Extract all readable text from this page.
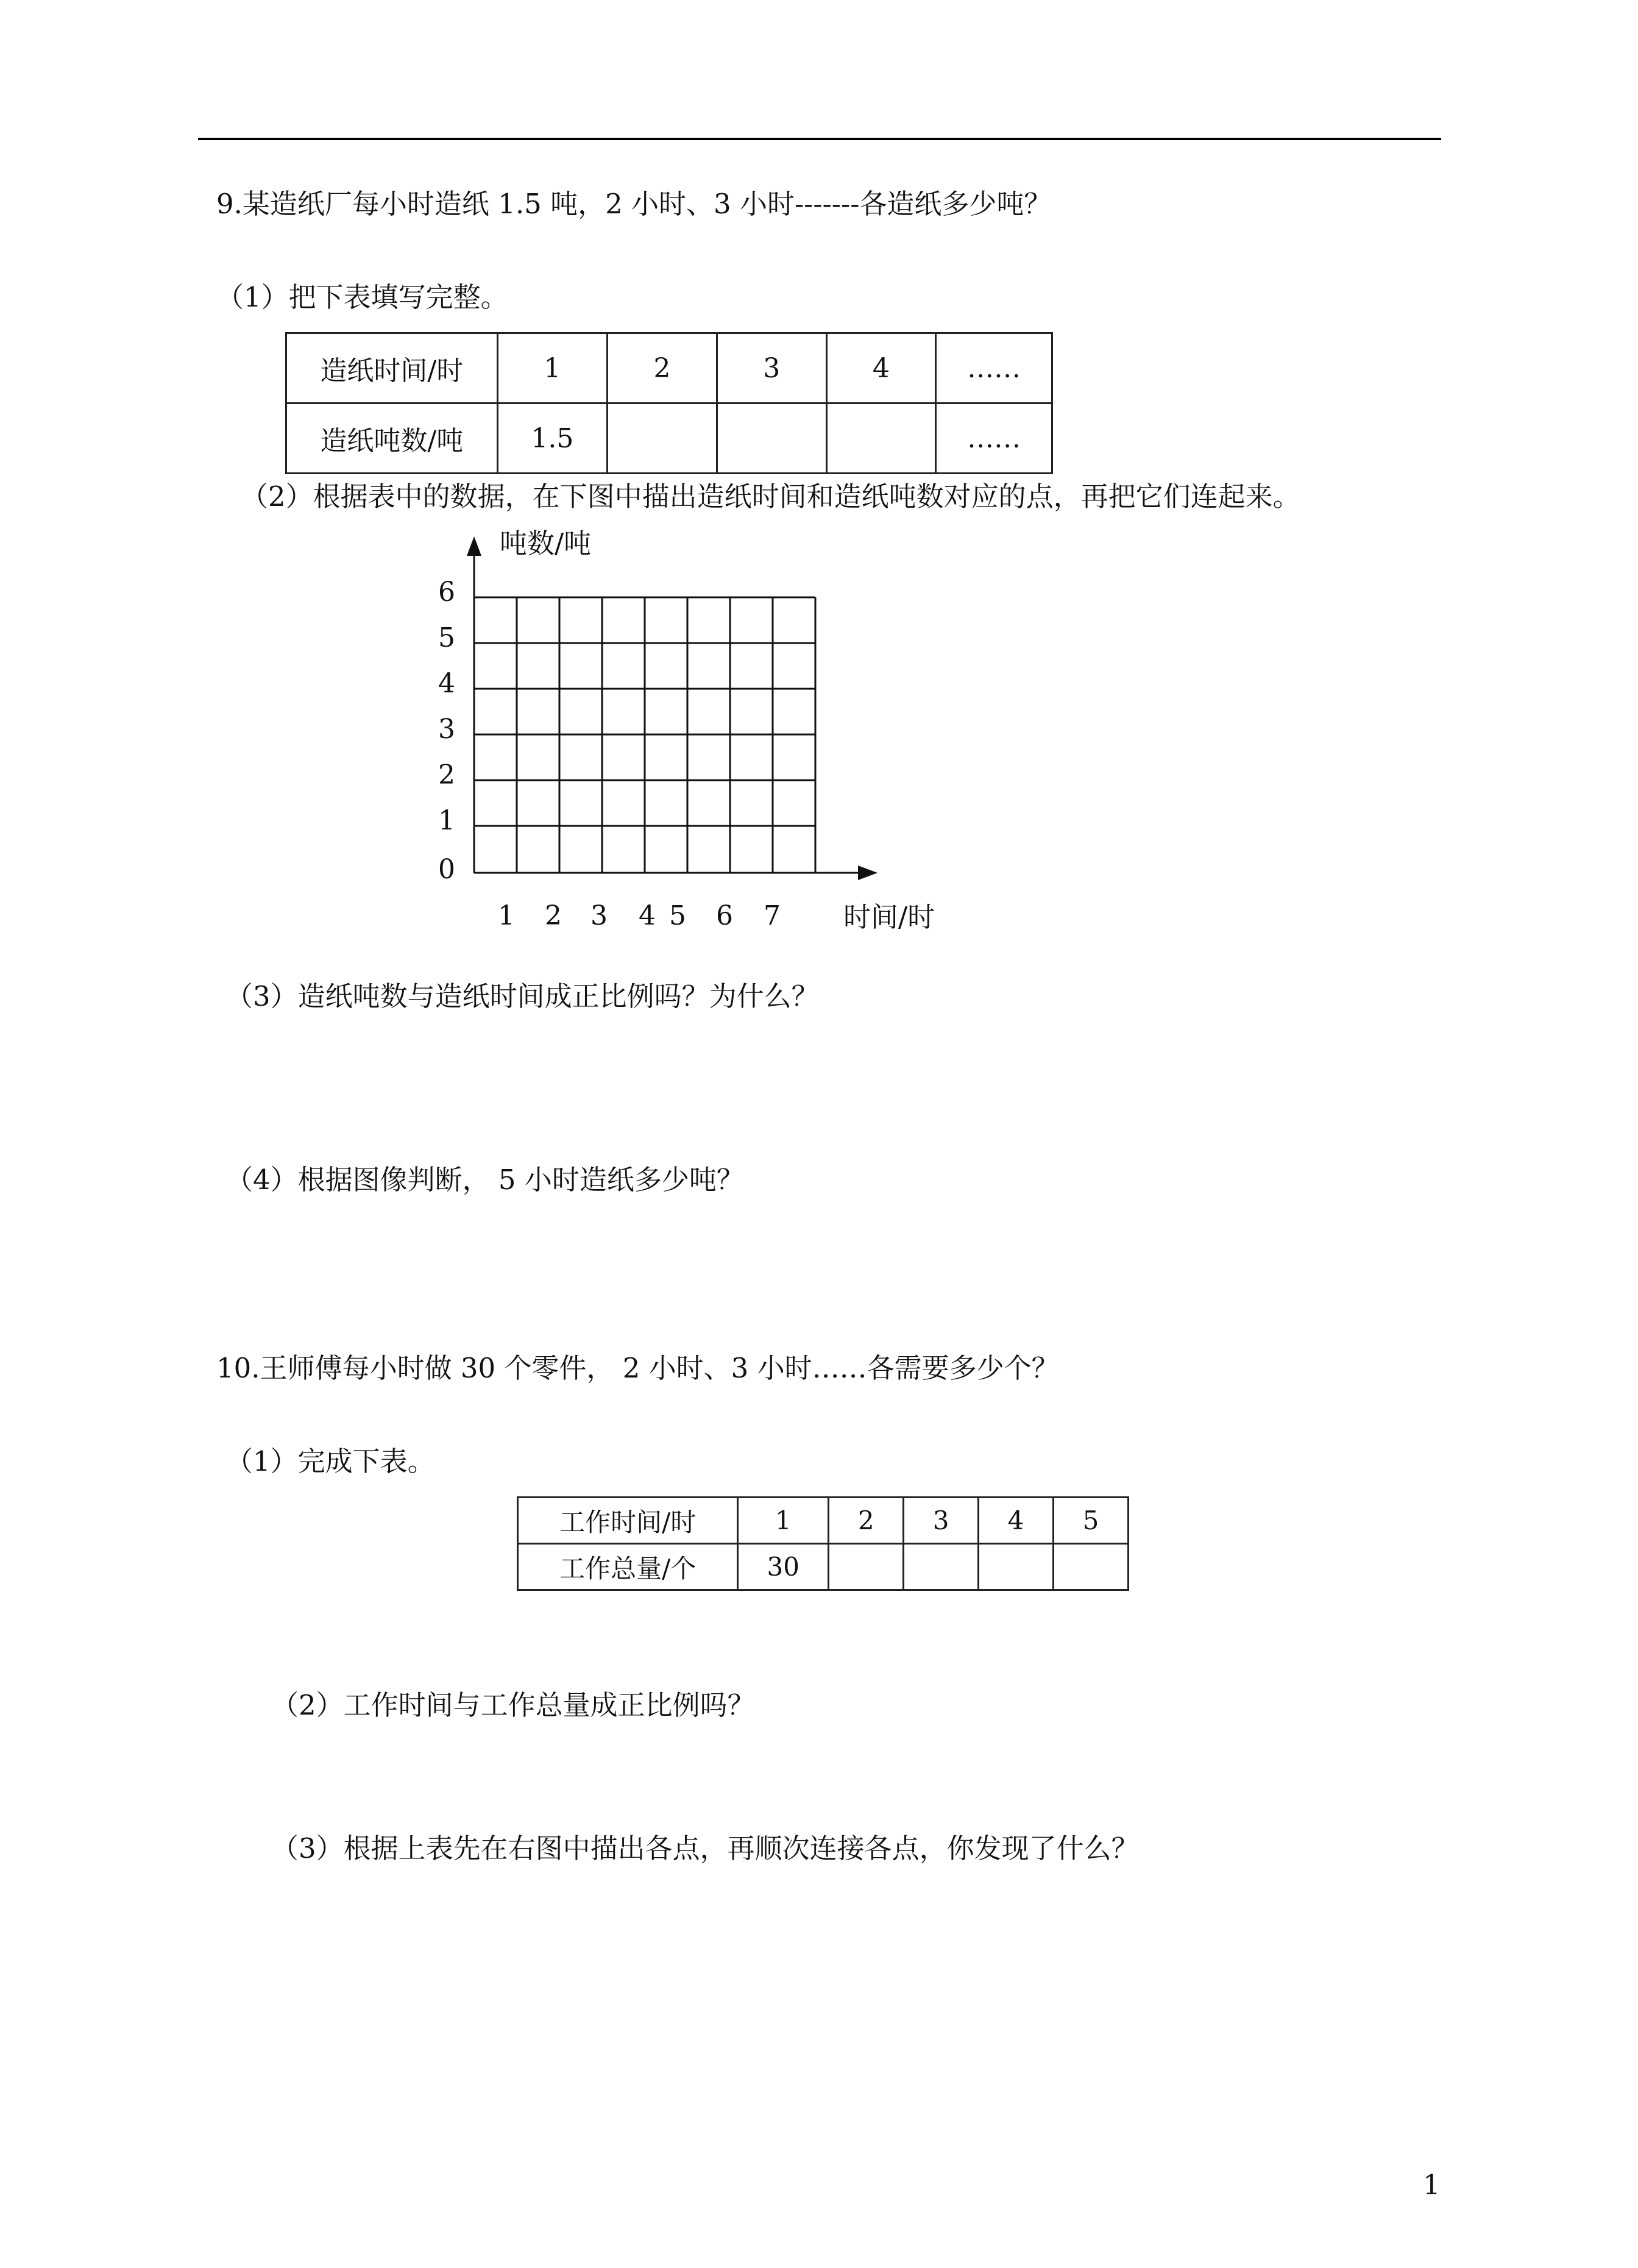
9.某造纸厂每小时造纸 1.5 吨，2 小时、3 小时-------各造纸多少吨？
（1）把下表填写完整。
造纸时间/时	1	2	3	4	……
造纸吨数/吨	1.5				……
（2）根据表中的数据，在下图中描出造纸时间和造纸吨数对应的点，再把它们连起来。
吨数/吨
时间/时
6
5
4
3
2
1
0
1 2 3 4 5 6 7
（3）造纸吨数与造纸时间成正比例吗？为什么？
（4）根据图像判断， 5 小时造纸多少吨？
10.王师傅每小时做 30 个零件， 2 小时、3 小时……各需要多少个？
（1）完成下表。
工作时间/时	1	2	3	4	5
工作总量/个	30				
（2）工作时间与工作总量成正比例吗？
（3）根据上表先在右图中描出各点，再顺次连接各点，你发现了什么？
1
